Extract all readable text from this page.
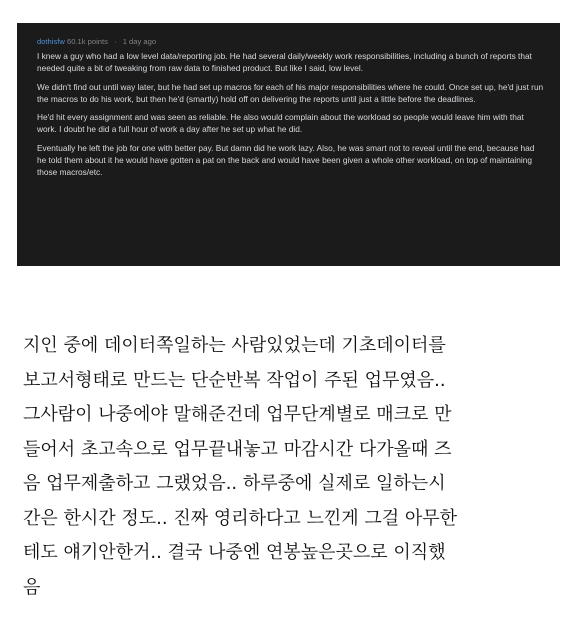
dothisfw 60.1k points · 1 day ago

I knew a guy who had a low level data/reporting job. He had several daily/weekly work responsibilities, including a bunch of reports that needed quite a bit of tweaking from raw data to finished product. But like I said, low level.

We didn't find out until way later, but he had set up macros for each of his major responsibilities where he could. Once set up, he'd just run the macros to do his work, but then he'd (smartly) hold off on delivering the reports until just a little before the deadlines.

He'd hit every assignment and was seen as reliable. He also would complain about the workload so people would leave him with that work. I doubt he did a full hour of work a day after he set up what he did.

Eventually he left the job for one with better pay. But damn did he work lazy. Also, he was smart not to reveal until the end, because had he told them about it he would have gotten a pat on the back and would have been given a whole other workload, on top of maintaining those macros/etc.

지인 중에 데이터쪽일하는 사람있었는데 기초데이터를
보고서형태로 만드는 단순반복 작업이 주된 업무였음..
그사람이 나중에야 말해준건데 업무단계별로 매크로 만
들어서 초고속으로 업무끝내놓고 마감시간 다가올때 즈
음 업무제출하고 그랬었음.. 하루중에 실제로 일하는시
간은 한시간 정도.. 진짜 영리하다고 느낀게 그걸 아무한
테도 얘기안한거.. 결국 나중엔 연봉높은곳으로 이직했
음
